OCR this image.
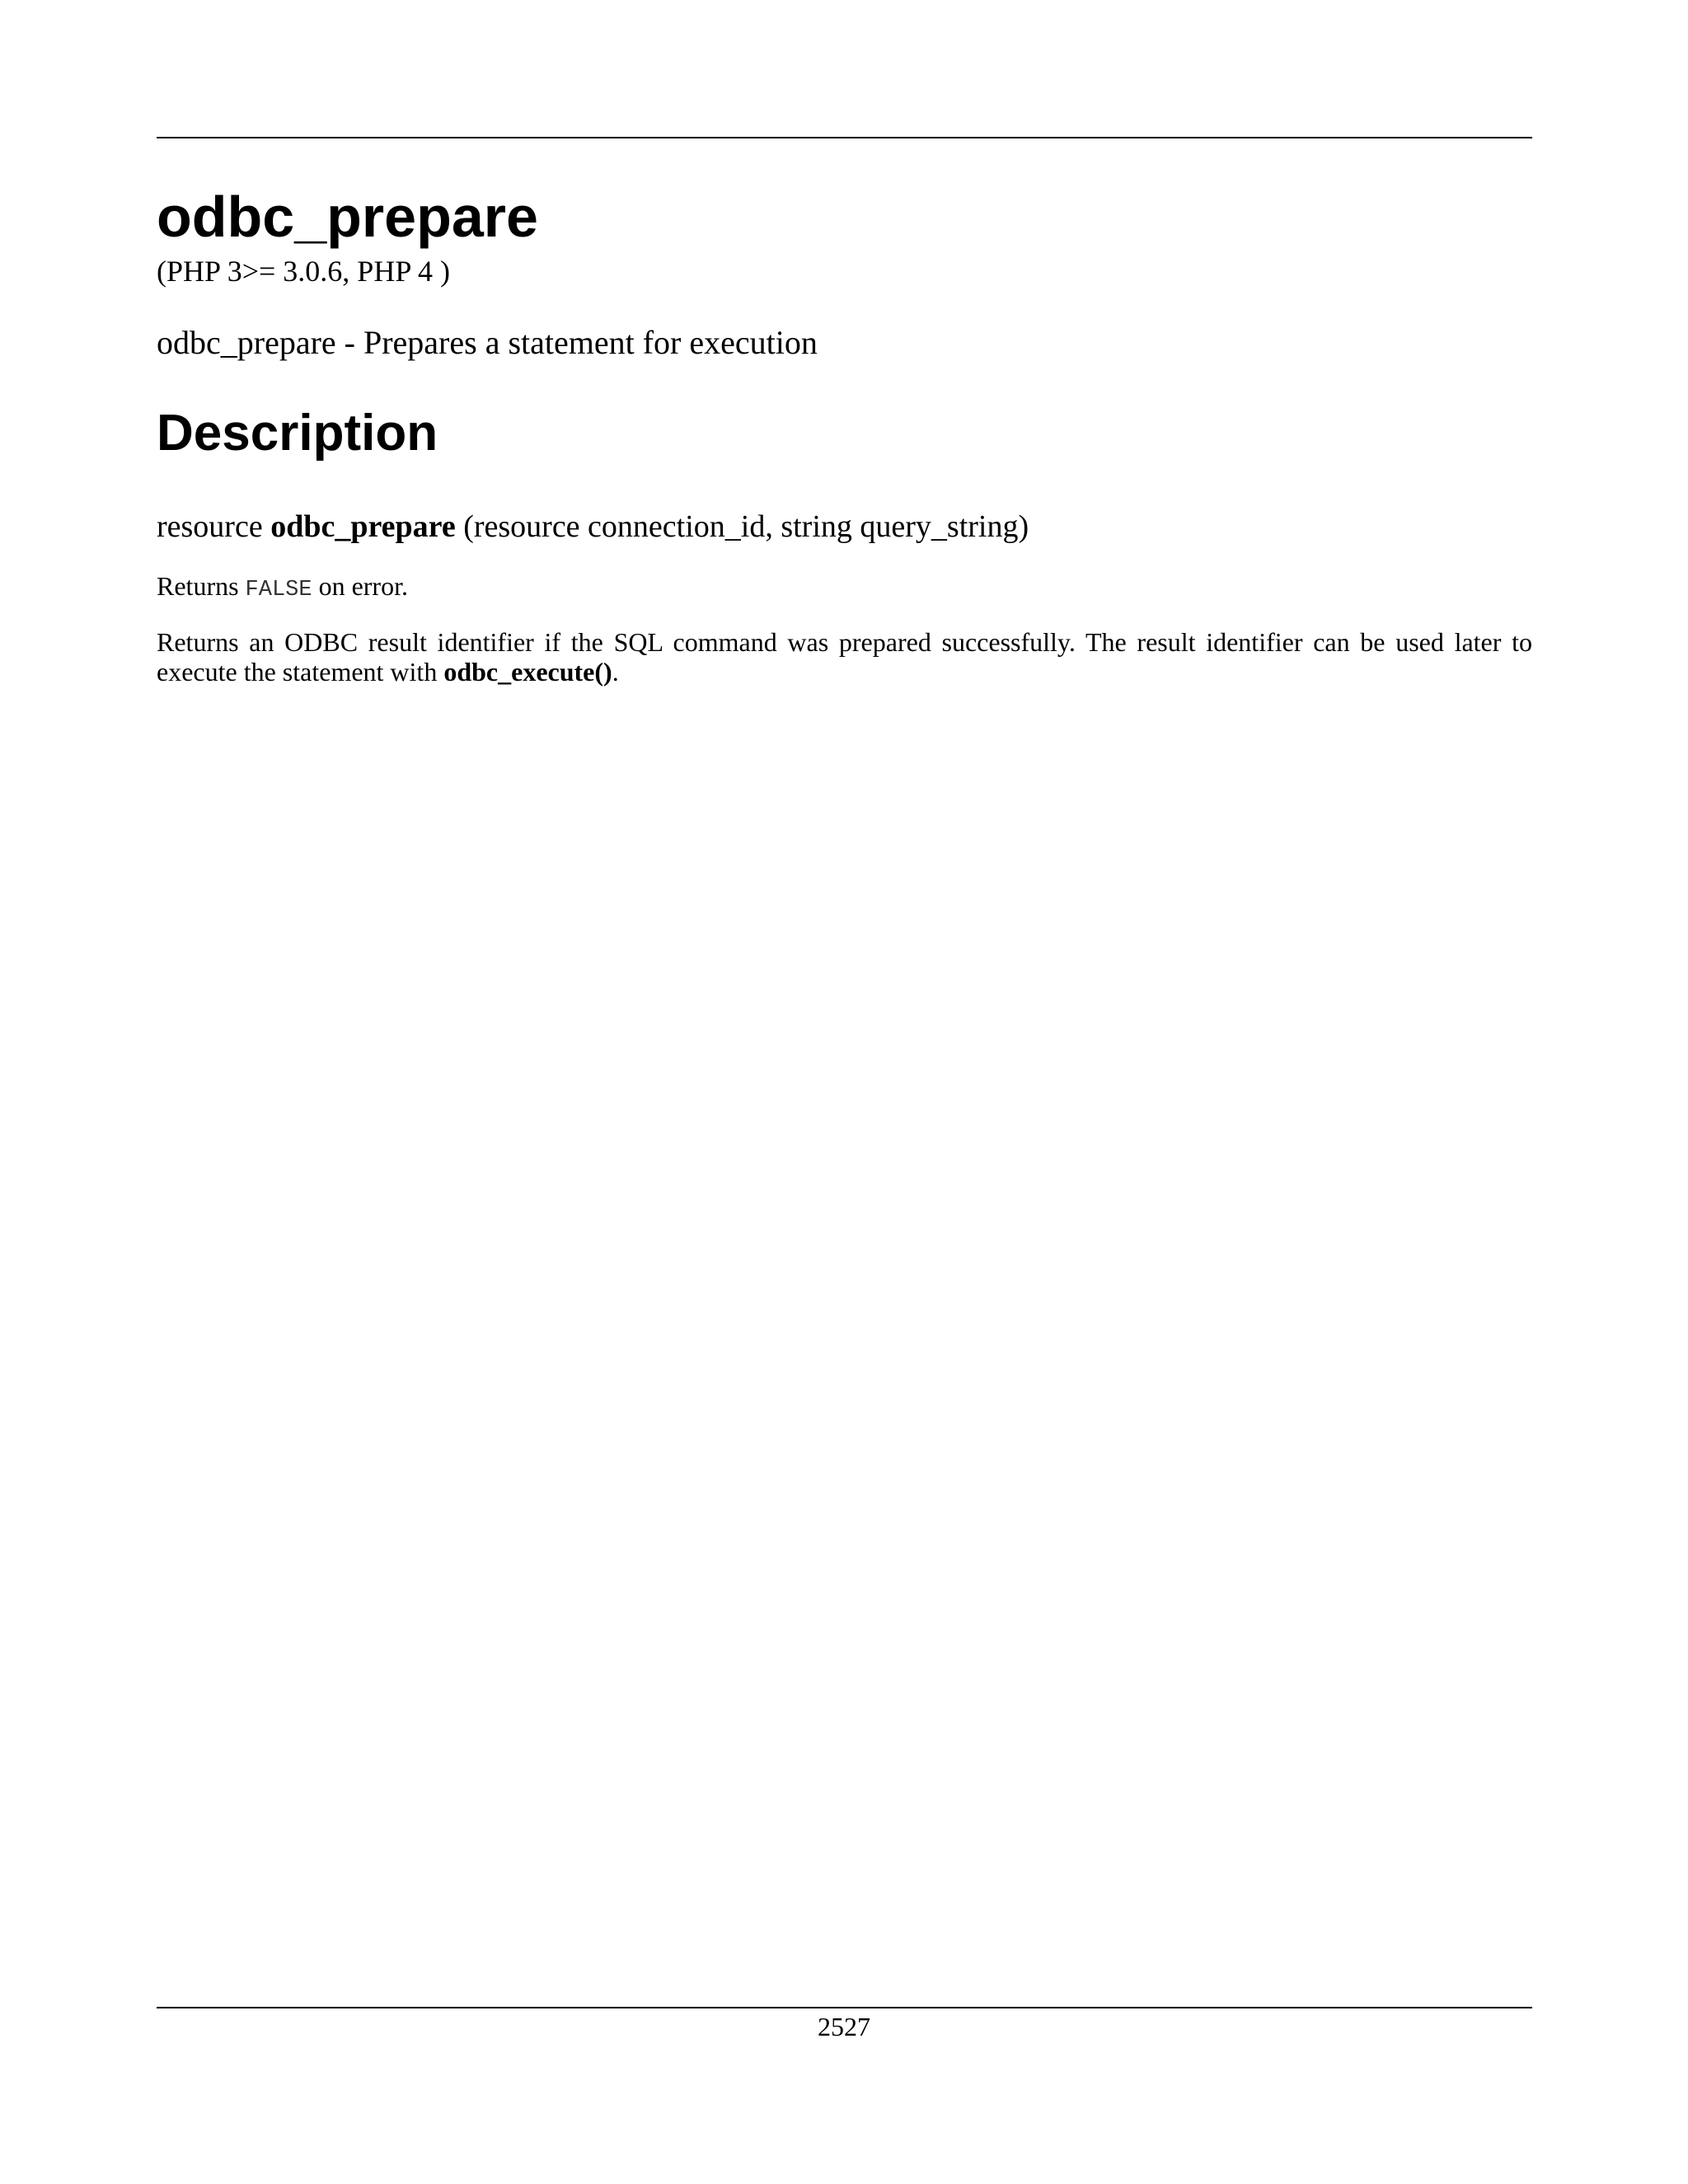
odbc_prepare

(PHP 3>= 3.0.6, PHP 4 )

odbc_prepare - Prepares a statement for execution

Description

resource odbc_prepare (resource connection_id, string query_string)

Returns FALSE on error.

Returns an ODBC result identifier if the SQL command was prepared successfully. The result identifier can be used later to execute the statement with odbc_execute().

2527
